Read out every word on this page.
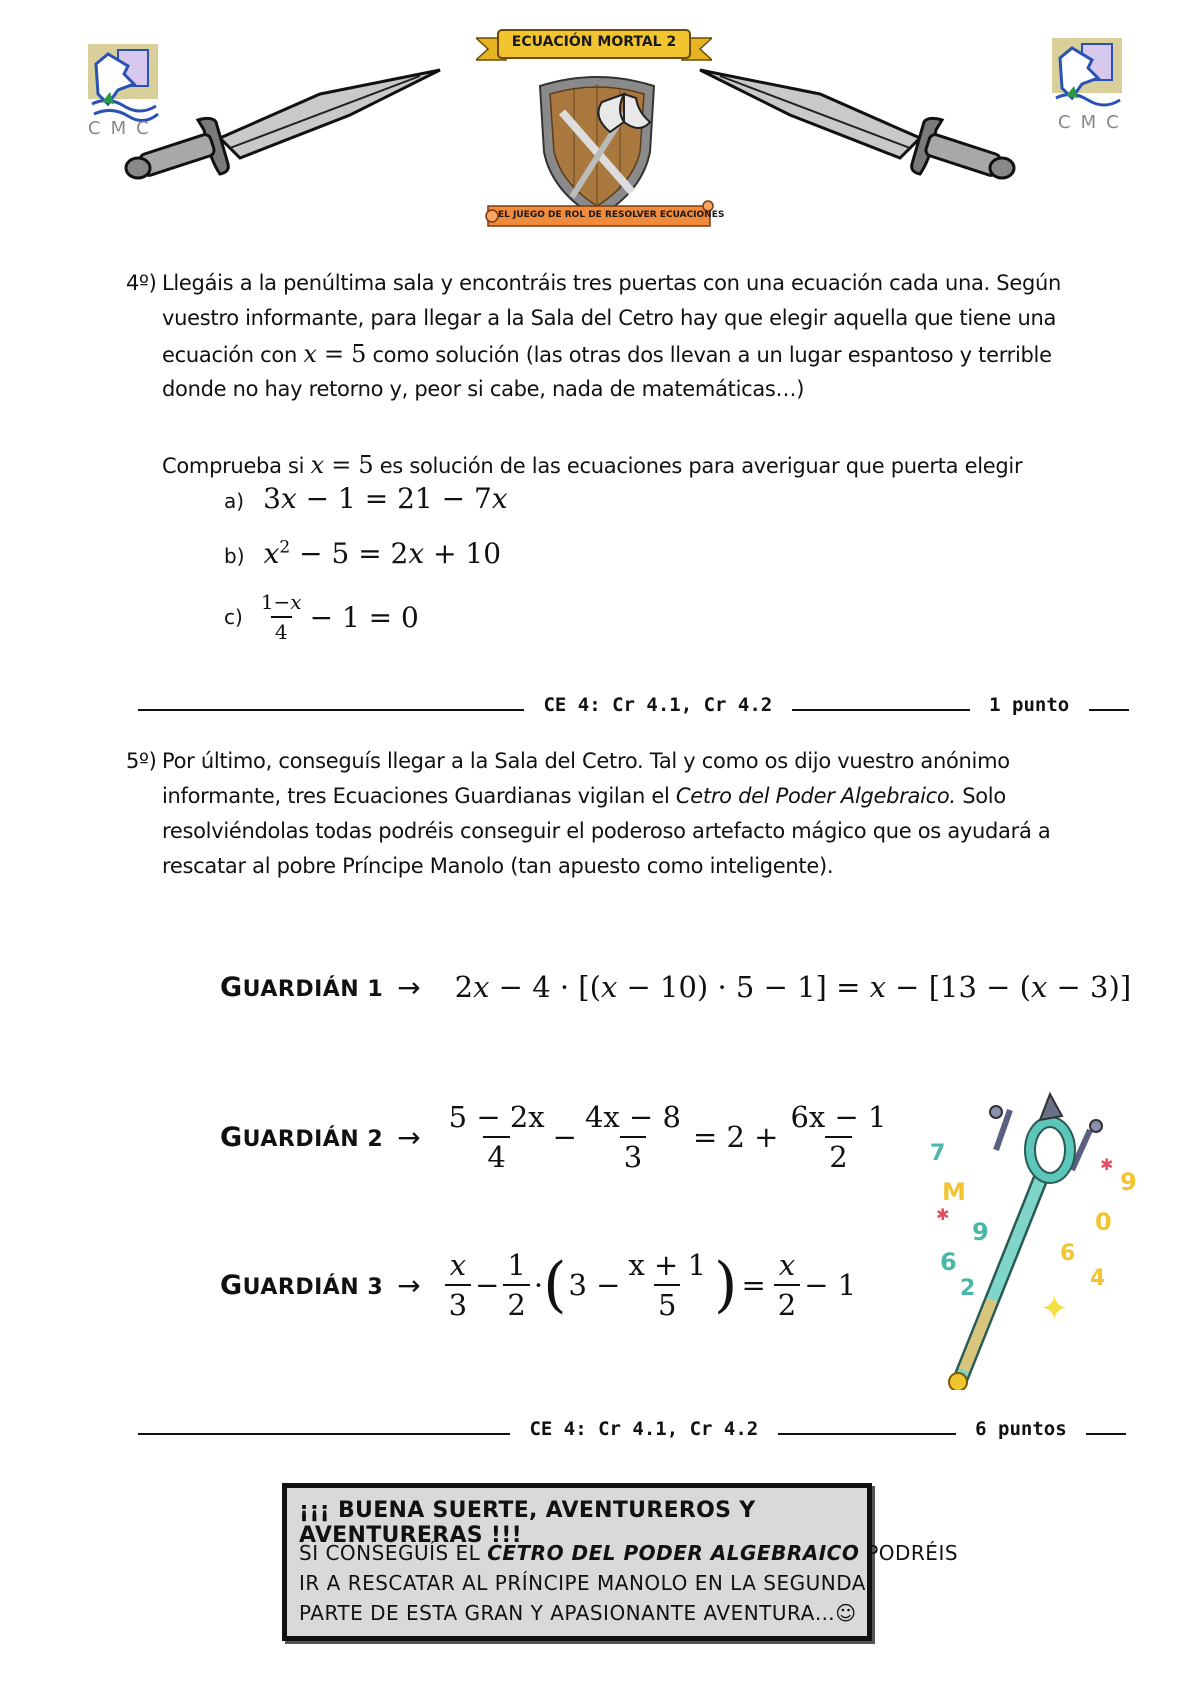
CMC	CMC
ECUACIÓN MORTAL 2
EL JUEGO DE ROL DE RESOLVER ECUACIONES
4º) Llegáis a la penúltima sala y encontráis tres puertas con una ecuación cada una. Según
vuestro informante, para llegar a la Sala del Cetro hay que elegir aquella que tiene una
ecuación con x = 5 como solución (las otras dos llevan a un lugar espantoso y terrible
donde no hay retorno y, peor si cabe, nada de matemáticas…)
Comprueba si x = 5 es solución de las ecuaciones para averiguar que puerta elegir
a) 3x − 1 = 21 − 7x
b) $x^2 - 5 = 2x + 10$
$c) \frac{1-x}{4} - 1 = 0$
CE 4: Cr 4.1, Cr 4.2	1 punto
5º) Por último, conseguís llegar a la Sala del Cetro. Tal y como os dijo vuestro anónimo
informante, tres Ecuaciones Guardianas vigilan el Cetro del Poder Algebraico. Solo
resolviéndolas todas podréis conseguir el poderoso artefacto mágico que os ayudará a
rescatar al pobre Príncipe Manolo (tan apuesto como inteligente).
GUARDIÁN 1 → 2x − 4 · [(x − 10) · 5 − 1] = x − [13 − (x − 3)]
GUARDIÁN $2 \to \frac{5 - 2x}{4} - \frac{4x - 8}{3} = 2 + \frac{6x - 1}{2}$
GUARDIÁN $3 \to \frac{x}{3} - \frac{1}{2}$ · ( $3 - \frac{x + 1}{5}$ ) = $\frac{x}{2} - 1$
7
M	9
0
9
6
2
6
4
✱
✱
✦
CE 4: Cr 4.1, Cr 4.2	6 puntos
¡¡¡ BUENA SUERTE, AVENTUREROS Y AVENTURERAS !!!
SI CONSEGUÍS EL CETRO DEL PODER ALGEBRAICO PODRÉIS
IR A RESCATAR AL PRÍNCIPE MANOLO EN LA SEGUNDA
PARTE DE ESTA GRAN Y APASIONANTE AVENTURA…☺
